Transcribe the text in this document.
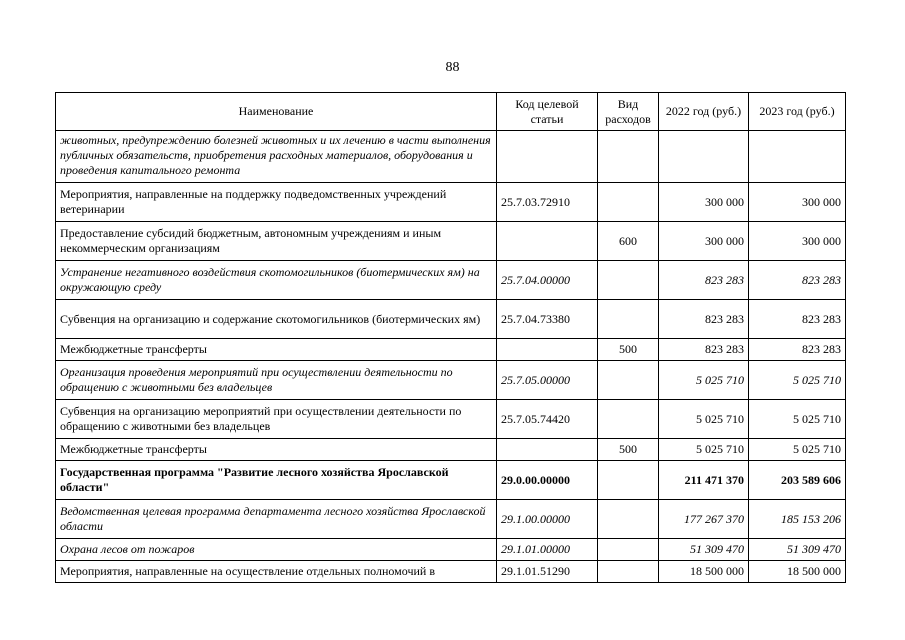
88
Наименование	Код целевой статьи	Вид расходов	2022 год (руб.)	2023 год (руб.)
животных, предупреждению болезней животных и их лечению в части выполнения публичных обязательств, приобретения расходных материалов, оборудования и проведения капитального ремонта				
Мероприятия, направленные на поддержку подведомственных учреждений ветеринарии	25.7.03.72910		300 000	300 000
Предоставление субсидий бюджетным, автономным учреждениям и иным некоммерческим организациям		600	300 000	300 000
Устранение негативного воздействия скотомогильников (биотермических ям) на окружающую среду	25.7.04.00000		823 283	823 283
Субвенция на организацию и содержание скотомогильников (биотермических ям)	25.7.04.73380		823 283	823 283
Межбюджетные трансферты		500	823 283	823 283
Организация проведения мероприятий при осуществлении деятельности по обращению с животными без владельцев	25.7.05.00000		5 025 710	5 025 710
Субвенция на организацию мероприятий при осуществлении деятельности по обращению с животными без владельцев	25.7.05.74420		5 025 710	5 025 710
Межбюджетные трансферты		500	5 025 710	5 025 710
Государственная программа "Развитие лесного хозяйства Ярославской области"	29.0.00.00000		211 471 370	203 589 606
Ведомственная целевая программа департамента лесного хозяйства Ярославской области	29.1.00.00000		177 267 370	185 153 206
Охрана лесов от пожаров	29.1.01.00000		51 309 470	51 309 470
Мероприятия, направленные на осуществление отдельных полномочий в	29.1.01.51290		18 500 000	18 500 000
